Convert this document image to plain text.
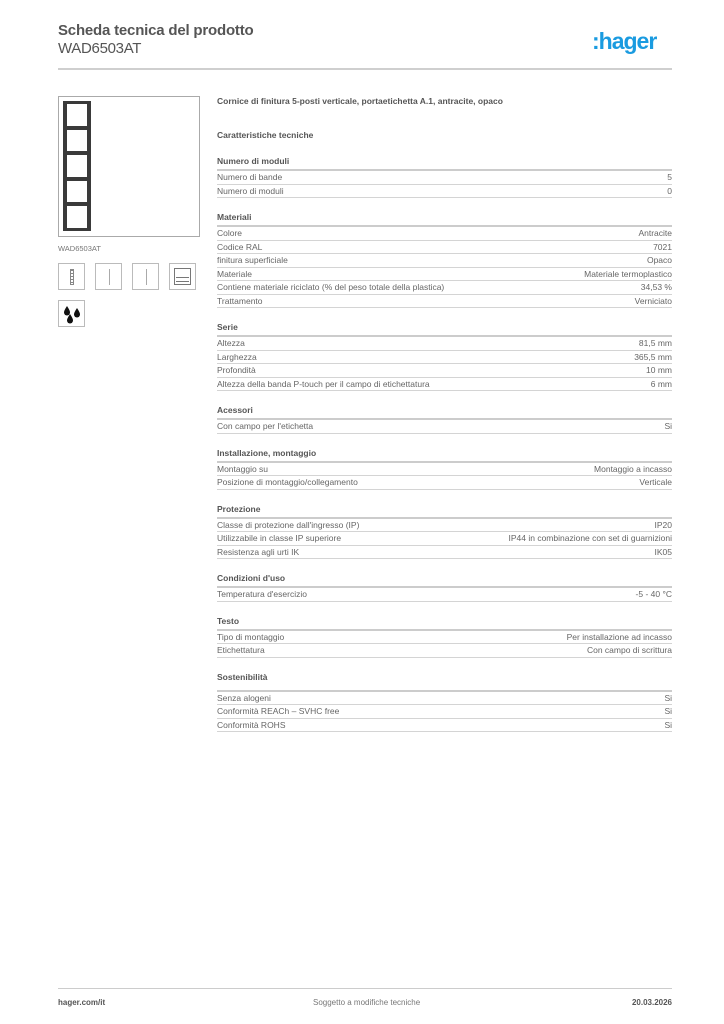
Scheda tecnica del prodotto
WAD6503AT	:hager
WAD6503AT
Cornice di finitura 5-posti verticale, portaetichetta A.1, antracite, opaco
Caratteristiche tecniche
Numero di moduli
Numero di bande	5
Numero di moduli	0
Materiali
Colore	Antracite
Codice RAL	7021
finitura superficiale	Opaco
Materiale	Materiale termoplastico
Contiene materiale riciclato (% del peso totale della plastica)	34,53 %
Trattamento	Verniciato
Serie
Altezza	81,5 mm
Larghezza	365,5 mm
Profondità	10 mm
Altezza della banda P-touch per il campo di etichettatura	6 mm
Acessori
Con campo per l'etichetta	Si
Installazione, montaggio
Montaggio su	Montaggio a incasso
Posizione di montaggio/collegamento	Verticale
Protezione
Classe di protezione dall'ingresso (IP)	IP20
Utilizzabile in classe IP superiore	IP44 in combinazione con set di guarnizioni
Resistenza agli urti IK	IK05
Condizioni d'uso
Temperatura d'esercizio	-5 - 40 °C
Testo
Tipo di montaggio	Per installazione ad incasso
Etichettatura	Con campo di scrittura
Sostenibilità
Senza alogeni	Si
Conformità REACh – SVHC free	Si
Conformità ROHS	Si
hager.com/it	Soggetto a modifiche tecniche	20.03.2026
